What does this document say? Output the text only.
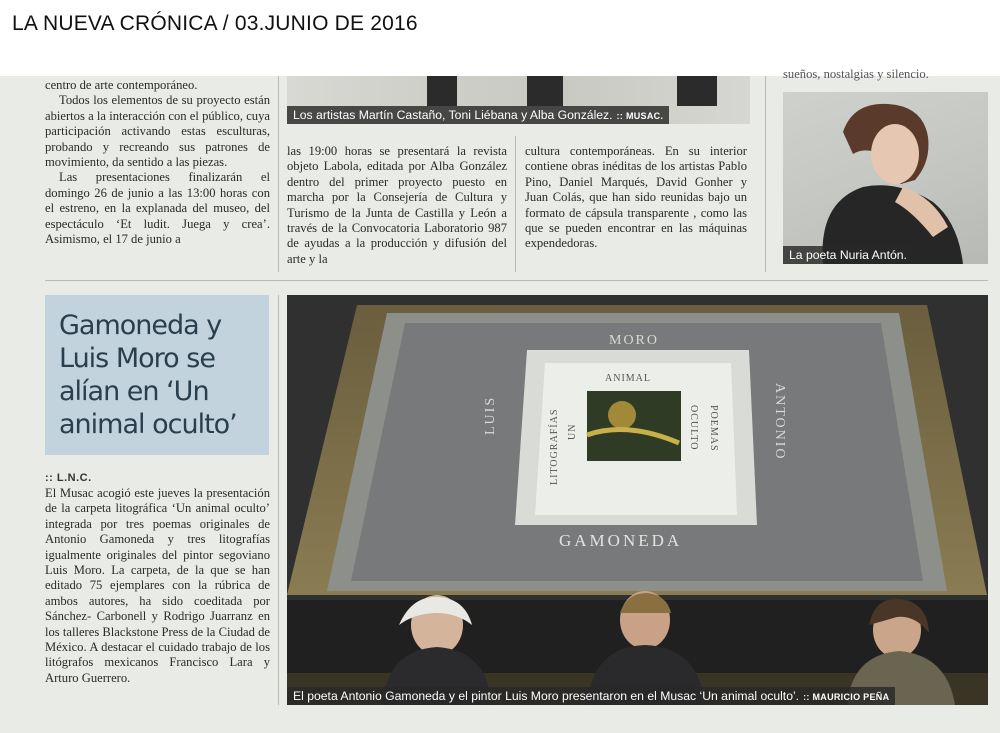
LA NUEVA CRÓNICA / 03.JUNIO DE 2016

centro de arte contemporáneo.

Todos los elementos de su proyecto están abiertos a la interacción con el público, cuya participación activando estas esculturas, probando y recreando sus patrones de movimiento, da sentido a las piezas.

Las presentaciones finalizarán el domingo 26 de junio a las 13:00 horas con el estreno, en la explanada del museo, del espectáculo ‘Et ludit. Juega y crea’. Asimismo, el 17 de junio a

Los artistas Martín Castaño, Toni Liébana y Alba González. :: MUSAC.

las 19:00 horas se presentará la revista objeto Labola, editada por Alba González dentro del primer proyecto puesto en marcha por la Consejería de Cultura y Turismo de la Junta de Castilla y León a través de la Convocatoria Laboratorio 987 de ayudas a la producción y difusión del arte y la

cultura contemporáneas. En su interior contiene obras inéditas de los artistas Pablo Pino, Daniel Marqués, David Gonher y Juan Colás, que han sido reunidas bajo un formato de cápsula transparente , como las que se pueden encontrar en las máquinas expendedoras.

sueños, nostalgias y silencio.

La poeta Nuria Antón.
Gamoneda y Luis Moro se alían en ‘Un animal oculto’
:: L.N.C.

El Musac acogió este jueves la presentación de la carpeta litográfica ‘Un animal oculto’ integrada por tres poemas originales de Antonio Gamoneda y tres litografías igualmente originales del pintor segoviano Luis Moro. La carpeta, de la que se han editado 75 ejemplares con la rúbrica de ambos autores, ha sido coeditada por Sánchez- Carbonell y Rodrigo Juarranz en los talleres Blackstone Press de la Ciudad de México. A destacar el cuidado trabajo de los litógrafos mexicanos Francisco Lara y Arturo Guerrero.

MORO
LUIS	ANTONIO
GAMONEDA
ANIMAL
LITOGRAFÍAS UN	OCULTO POEMAS
El poeta Antonio Gamoneda y el pintor Luis Moro presentaron en el Musac ‘Un animal oculto’. :: MAURICIO PEÑA
